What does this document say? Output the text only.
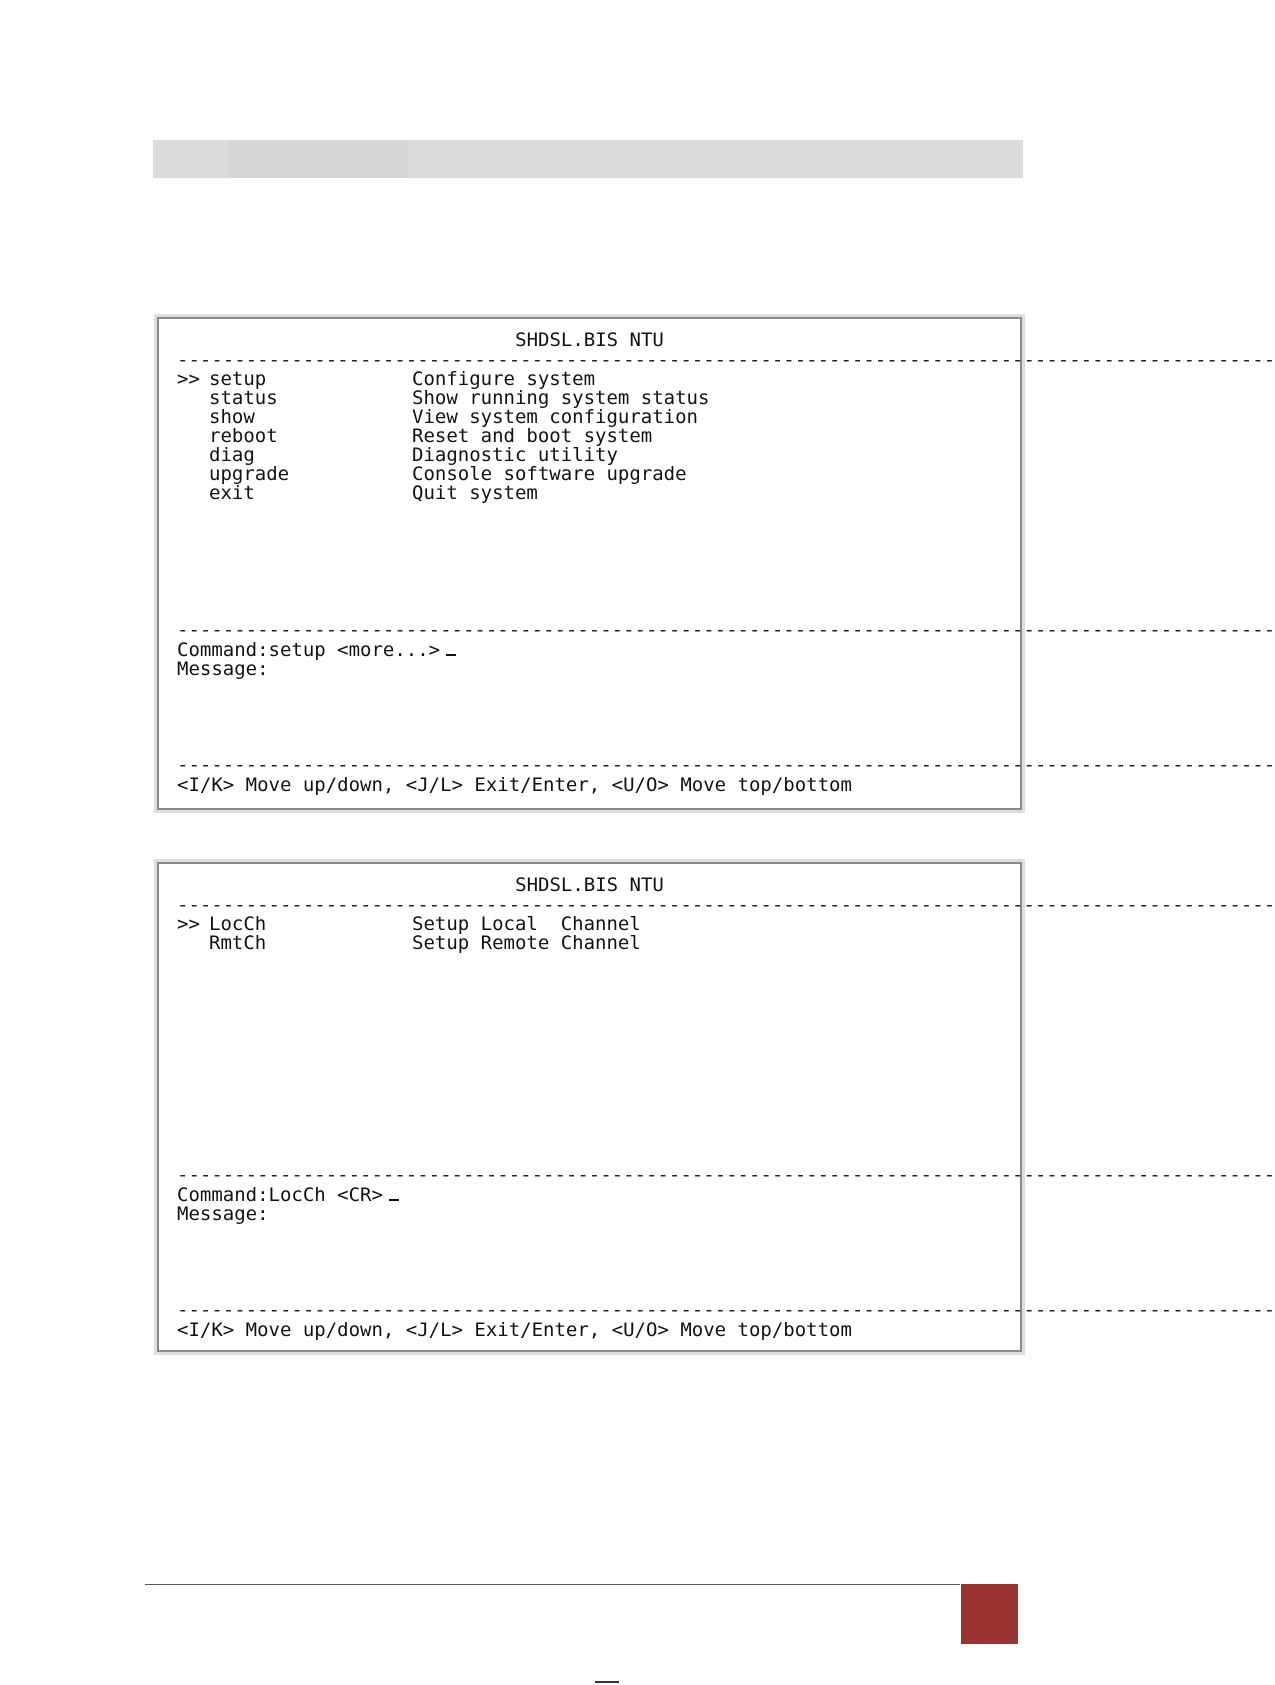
SHDSL.BIS NTU
------------------------------------------------------------------------------------------------
>> setup	Configure system
status	Show running system status
show	View system configuration
reboot	Reset and boot system
diag	Diagnostic utility
upgrade	Console software upgrade
exit	Quit system
------------------------------------------------------------------------------------------------
Command:setup <more...>
Message:
------------------------------------------------------------------------------------------------
<I/K> Move up/down, <J/L> Exit/Enter, <U/O> Move top/bottom
SHDSL.BIS NTU
------------------------------------------------------------------------------------------------
>> LocCh	Setup Local  Channel
RmtCh	Setup Remote Channel
------------------------------------------------------------------------------------------------
Command:LocCh <CR>
Message:
------------------------------------------------------------------------------------------------
<I/K> Move up/down, <J/L> Exit/Enter, <U/O> Move top/bottom
